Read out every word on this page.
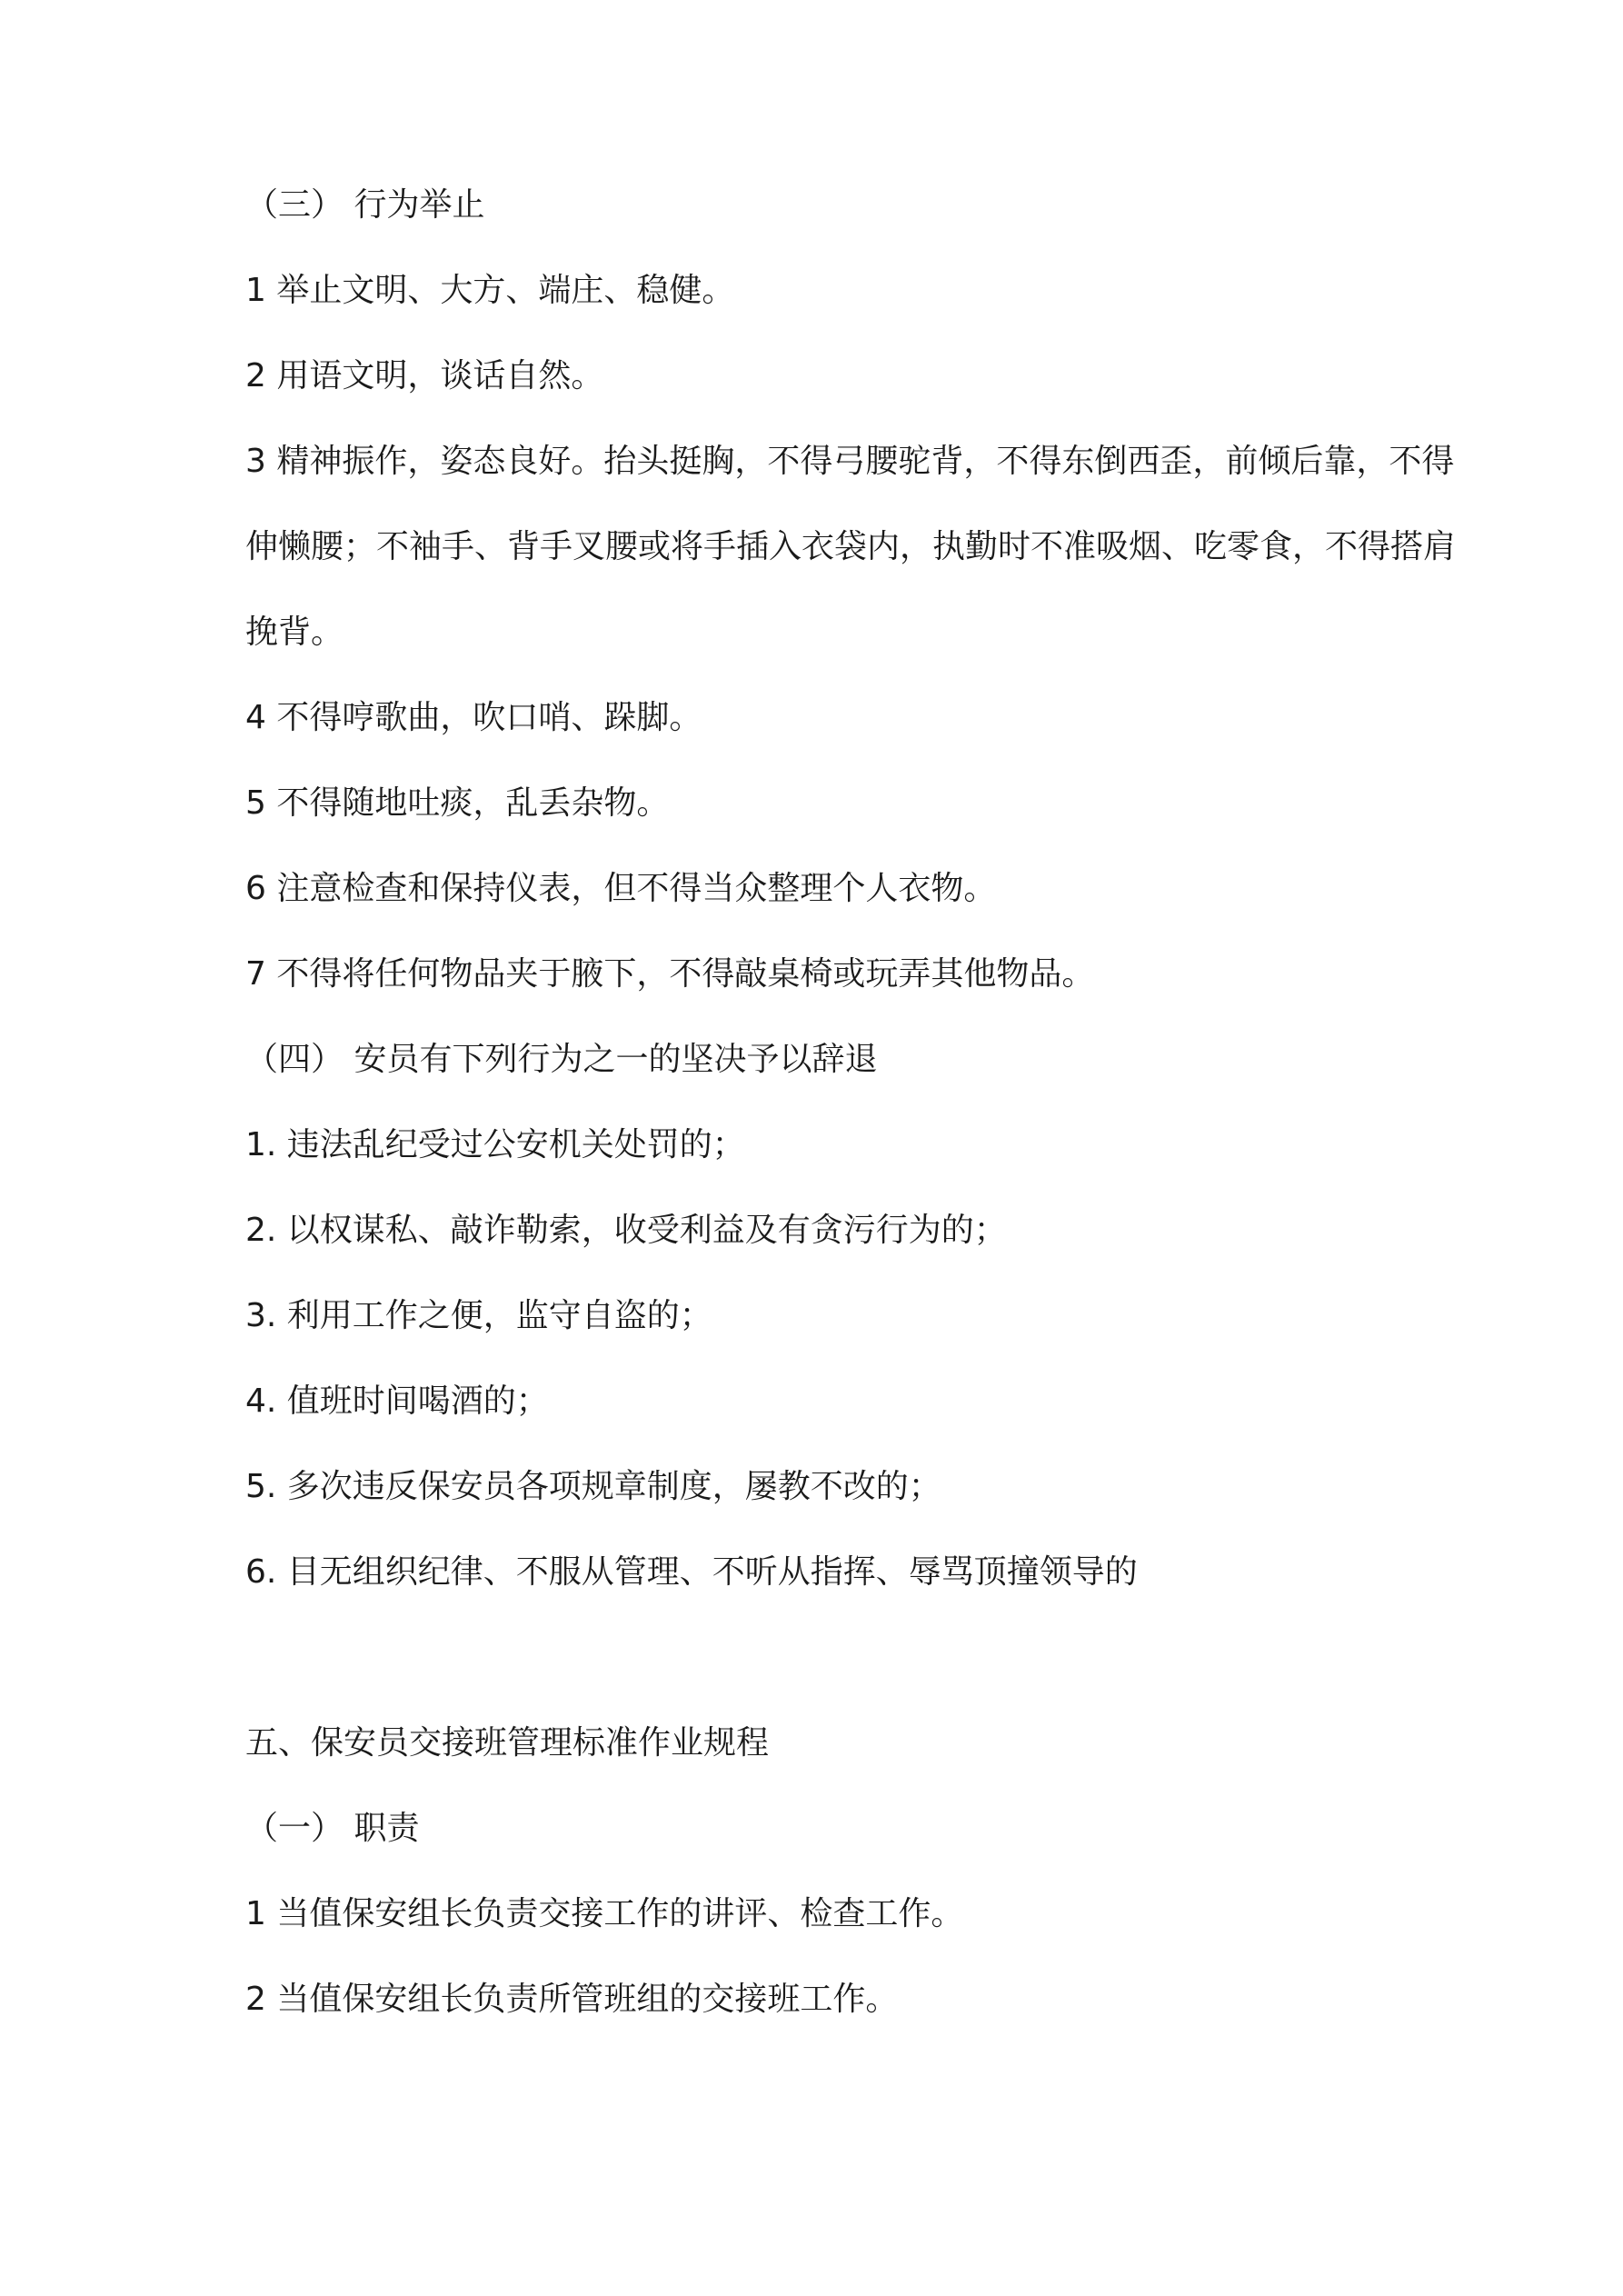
（三） 行为举止
1 举止文明、大方、端庄、稳健。
2 用语文明，谈话自然。
3 精神振作，姿态良好。抬头挺胸，不得弓腰驼背，不得东倒西歪，前倾后靠，不得
伸懒腰；不袖手、背手叉腰或将手插入衣袋内，执勤时不准吸烟、吃零食，不得搭肩
挽背。
4 不得哼歌曲，吹口哨、跺脚。
5 不得随地吐痰，乱丢杂物。
6 注意检查和保持仪表，但不得当众整理个人衣物。
7 不得将任何物品夹于腋下，不得敲桌椅或玩弄其他物品。
（四） 安员有下列行为之一的坚决予以辞退
1. 违法乱纪受过公安机关处罚的；
2. 以权谋私、敲诈勒索，收受利益及有贪污行为的；
3. 利用工作之便，监守自盗的；
4. 值班时间喝酒的；
5. 多次违反保安员各项规章制度，屡教不改的；
6. 目无组织纪律、不服从管理、不听从指挥、辱骂顶撞领导的
五、保安员交接班管理标准作业规程
（一） 职责
1 当值保安组长负责交接工作的讲评、检查工作。
2 当值保安组长负责所管班组的交接班工作。
